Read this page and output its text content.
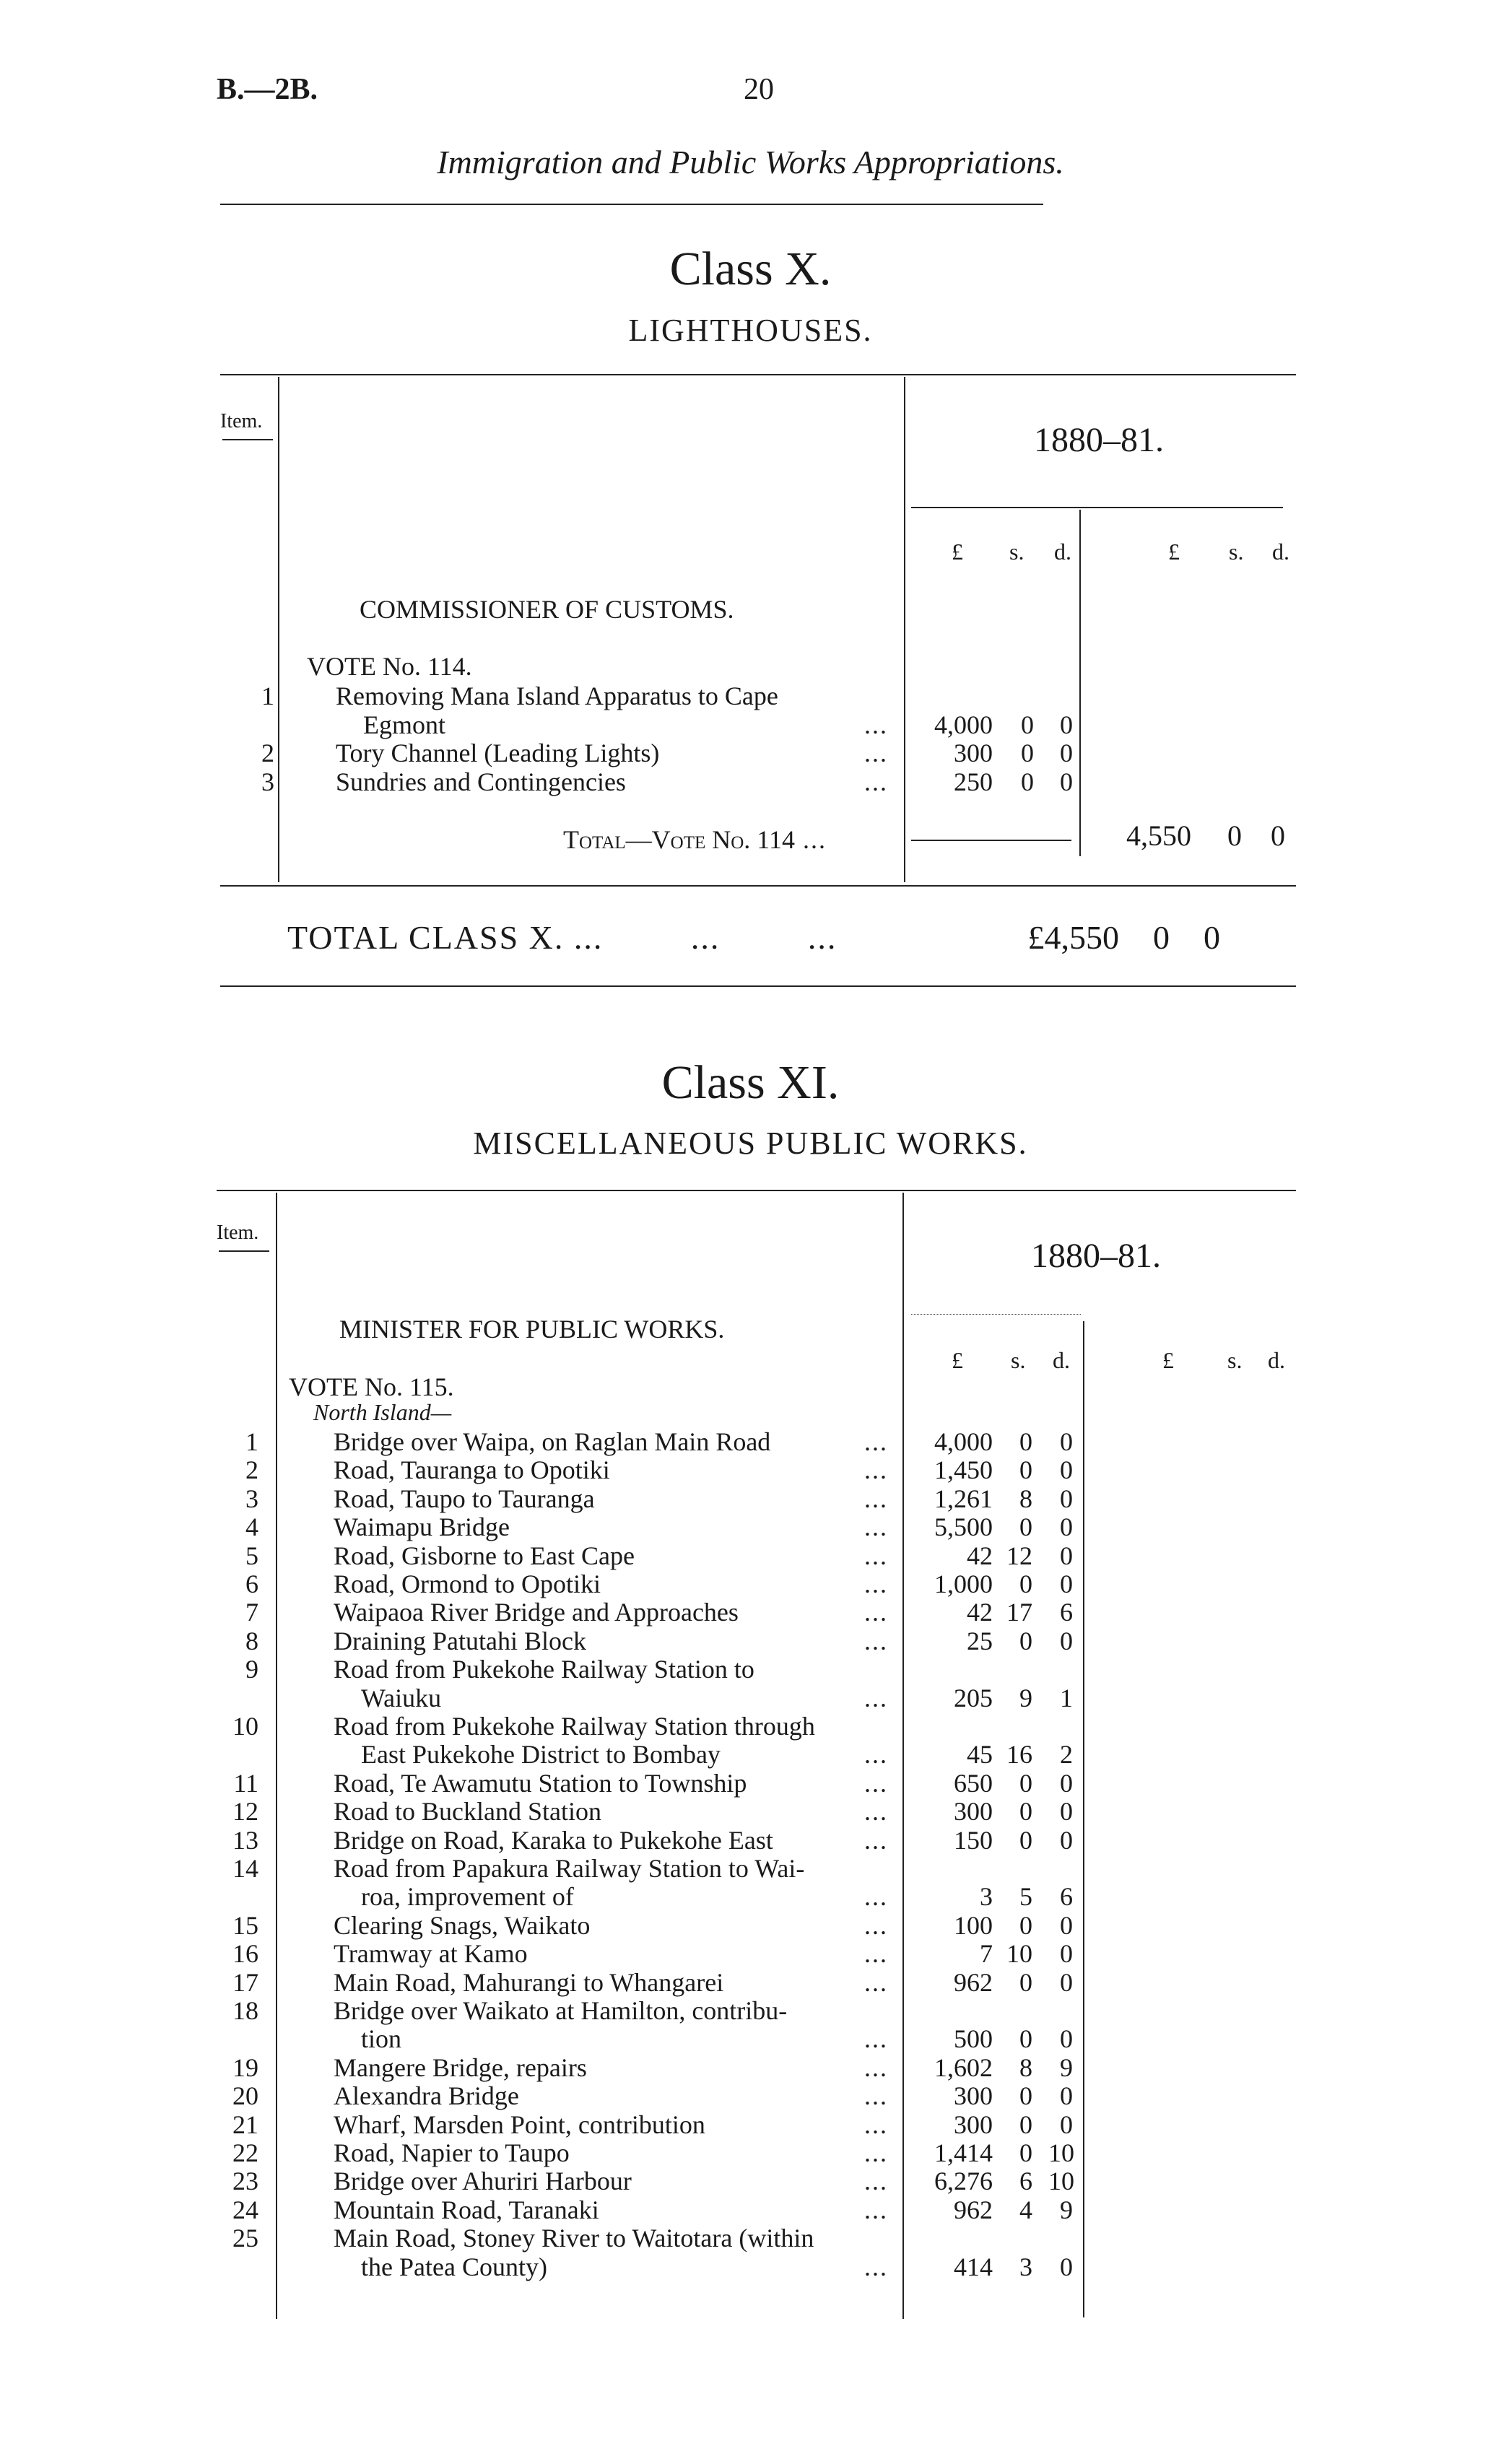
B.—2B.	20
Immigration and Public Works Appropriations.
Class X.
LIGHTHOUSES.
Item.	1880–81.
£ s. d.	£ s. d.
COMMISSIONER OF CUSTOMS.
VOTE No. 114.
1 Removing Mana Island Apparatus to Cape
Egmont	...	4,000	0	0
2 Tory Channel (Leading Lights)	...	300	0	0
3 Sundries and Contingencies	...	250	0	0
Total—Vote No. 114 ...	4,550	0	0
TOTAL CLASS X. ...         ...         ...	£4,550	0	0
Class XI.
MISCELLANEOUS PUBLIC WORKS.
Item.
1880–81.
MINISTER FOR PUBLIC WORKS.
£ s. d.	£ s. d.
VOTE No. 115.
North Island—
1	Bridge over Waipa, on Raglan Main Road	...	4,000	0	0
2	Road, Tauranga to Opotiki	...	1,450	0	0
3	Road, Taupo to Tauranga	...	1,261	8	0
4	Waimapu Bridge	...	5,500	0	0
5	Road, Gisborne to East Cape	...	42 12	0
6	Road, Ormond to Opotiki	...	1,000	0	0
7	Waipaoa River Bridge and Approaches	...	42 17	6
8	Draining Patutahi Block	...	25	0	0
9	Road from Pukekohe Railway Station to
Waiuku	...	205	9	1
10	Road from Pukekohe Railway Station through
East Pukekohe District to Bombay	...	45 16	2
11	Road, Te Awamutu Station to Township	...	650	0	0
12	Road to Buckland Station	...	300	0	0
13	Bridge on Road, Karaka to Pukekohe East	...	150	0	0
14	Road from Papakura Railway Station to Wai-
roa, improvement of	...	3	5	6
15	Clearing Snags, Waikato	...	100	0	0
16	Tramway at Kamo	...	7 10	0
17	Main Road, Mahurangi to Whangarei	...	962	0	0
18	Bridge over Waikato at Hamilton, contribu-
tion	...	500	0	0
19	Mangere Bridge, repairs	...	1,602	8	9
20	Alexandra Bridge	...	300	0	0
21	Wharf, Marsden Point, contribution	...	300	0	0
22	Road, Napier to Taupo	...	1,414	0 10
23	Bridge over Ahuriri Harbour	...	6,276	6 10
24	Mountain Road, Taranaki	...	962	4	9
25	Main Road, Stoney River to Waitotara (within
the Patea County)	...	414	3	0
